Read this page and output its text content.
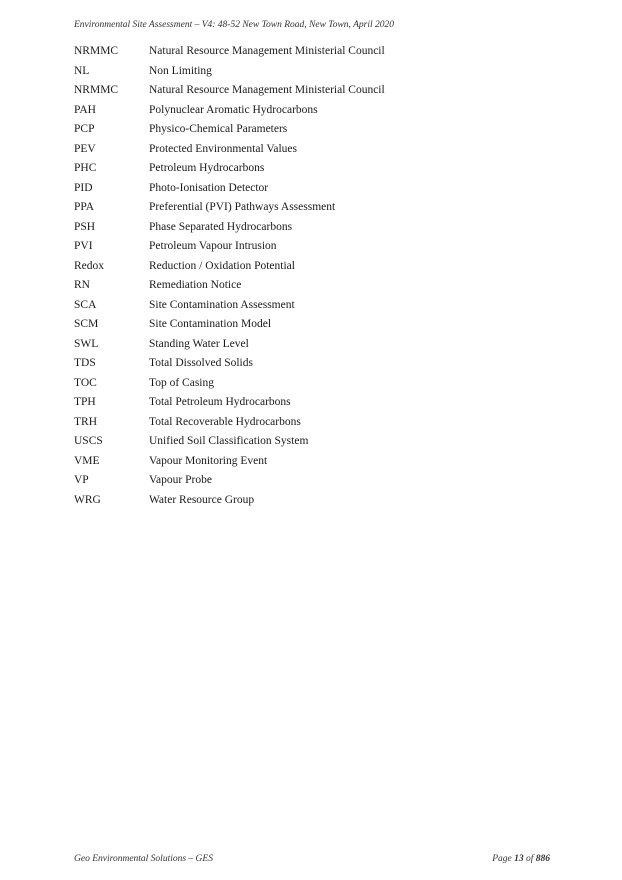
Environmental Site Assessment – V4: 48-52 New Town Road, New Town, April 2020
NRMMC	Natural Resource Management Ministerial Council
NL	Non Limiting
NRMMC	Natural Resource Management Ministerial Council
PAH	Polynuclear Aromatic Hydrocarbons
PCP	Physico-Chemical Parameters
PEV	Protected Environmental Values
PHC	Petroleum Hydrocarbons
PID	Photo-Ionisation Detector
PPA	Preferential (PVI) Pathways Assessment
PSH	Phase Separated Hydrocarbons
PVI	Petroleum Vapour Intrusion
Redox	Reduction / Oxidation Potential
RN	Remediation Notice
SCA	Site Contamination Assessment
SCM	Site Contamination Model
SWL	Standing Water Level
TDS	Total Dissolved Solids
TOC	Top of Casing
TPH	Total Petroleum Hydrocarbons
TRH	Total Recoverable Hydrocarbons
USCS	Unified Soil Classification System
VME	Vapour Monitoring Event
VP	Vapour Probe
WRG	Water Resource Group
Geo Environmental Solutions – GES	Page 13 of 886
